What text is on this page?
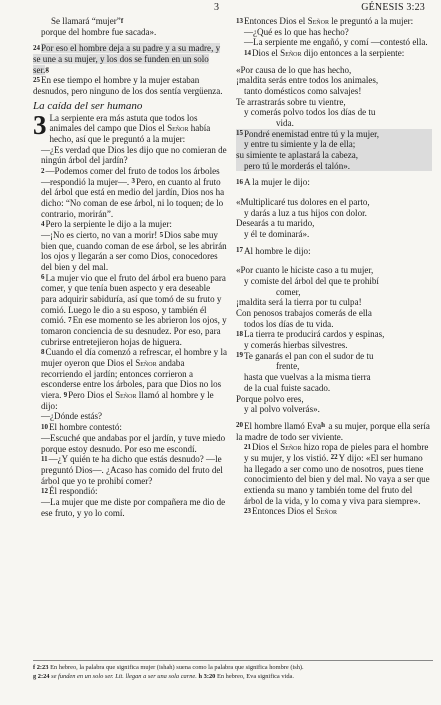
3	GÉNESIS 3:23

Se llamará “mujer”$^f$

porque del hombre fue sacada».

24Por eso el hombre deja a su padre y a su madre, y se une a su mujer, y los dos se funden en un solo ser.$^g$

25En ese tiempo el hombre y la mujer estaban desnudos, pero ninguno de los dos sentía vergüenza.

La caída del ser humano

3 La serpiente era más astuta que todos los animales del campo que Dios el Señor había hecho, así que le preguntó a la mujer:

—¿Es verdad que Dios les dijo que no comieran de ningún árbol del jardín?

2—Podemos comer del fruto de todos los árboles —respondió la mujer—. 3Pero, en cuanto al fruto del árbol que está en medio del jardín, Dios nos ha dicho: “No coman de ese árbol, ni lo toquen; de lo contrario, morirán”.

4Pero la serpiente le dijo a la mujer:

—¡No es cierto, no van a morir! 5Dios sabe muy bien que, cuando coman de ese árbol, se les abrirán los ojos y llegarán a ser como Dios, conocedores del bien y del mal.

6La mujer vio que el fruto del árbol era bueno para comer, y que tenía buen aspecto y era deseable para adquirir sabiduría, así que tomó de su fruto y comió. Luego le dio a su esposo, y también él comió. 7En ese momento se les abrieron los ojos, y tomaron conciencia de su desnudez. Por eso, para cubrirse entretejieron hojas de higuera.

8Cuando el día comenzó a refrescar, el hombre y la mujer oyeron que Dios el Señor andaba recorriendo el jardín; entonces corrieron a esconderse entre los árboles, para que Dios no los viera. 9Pero Dios el Señor llamó al hombre y le dijo:

—¿Dónde estás?

10El hombre contestó:

—Escuché que andabas por el jardín, y tuve miedo porque estoy desnudo. Por eso me escondí.

11—¿Y quién te ha dicho que estás desnudo? —le preguntó Dios—. ¿Acaso has comido del fruto del árbol que yo te prohibí comer?

12Él respondió:

—La mujer que me diste por compañera me dio de ese fruto, y yo lo comí.

13Entonces Dios el Señor le preguntó a la mujer:

—¿Qué es lo que has hecho?

—La serpiente me engañó, y comí —contestó ella.

14Dios el Señor dijo entonces a la serpiente:

«Por causa de lo que has hecho,

¡maldita serás entre todos los animales,

tanto domésticos como salvajes!

Te arrastrarás sobre tu vientre,

y comerás polvo todos los días de tu

vida.

15Pondré enemistad entre tú y la mujer,

y entre tu simiente y la de ella;

su simiente te aplastará la cabeza,

pero tú le morderás el talón».

16A la mujer le dijo:

«Multiplicaré tus dolores en el parto,

y darás a luz a tus hijos con dolor.

Desearás a tu marido,

y él te dominará».

17Al hombre le dijo:

«Por cuanto le hiciste caso a tu mujer,

y comiste del árbol del que te prohibí

comer,

¡maldita será la tierra por tu culpa!

Con penosos trabajos comerás de ella

todos los días de tu vida.

18La tierra te producirá cardos y espinas,

y comerás hierbas silvestres.

19Te ganarás el pan con el sudor de tu

frente,

hasta que vuelvas a la misma tierra

de la cual fuiste sacado.

Porque polvo eres,

y al polvo volverás».

20El hombre llamó Eva$^h$ a su mujer, porque ella sería la madre de todo ser viviente.

21Dios el Señor hizo ropa de pieles para el hombre y su mujer, y los vistió. 22Y dijo: «El ser humano ha llegado a ser como uno de nosotros, pues tiene conocimiento del bien y del mal. No vaya a ser que extienda su mano y también tome del fruto del árbol de la vida, y lo coma y viva para siempre». 23Entonces Dios el Señor

f 2:23 En hebreo, la palabra que significa mujer (ishah) suena como la palabra que significa hombre (ish).
g 2:24 se funden en un solo ser. Lit. llegan a ser una sola carne. h 3:20 En hebreo, Eva significa vida.
